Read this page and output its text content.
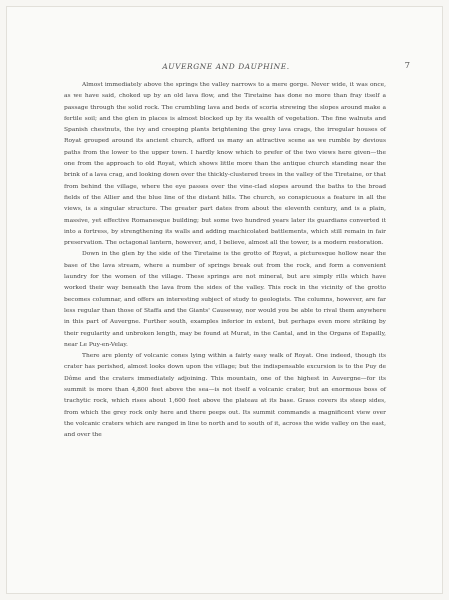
AUVERGNE AND DAUPHINE.	7

Almost immediately above the springs the valley narrows to a mere gorge. Never wide, it was once, as we have said, choked up by an old lava flow, and the Tiretaine has done no more than fray itself a passage through the solid rock. The crumbling lava and beds of scoria strewing the slopes around make a fertile soil; and the glen in places is almost blocked up by its wealth of vegetation. The fine walnuts and Spanish chestnuts, the ivy and creeping plants brightening the grey lava crags, the irregular houses of Royat grouped around its ancient church, afford us many an attractive scene as we rumble by devious paths from the lower to the upper town. I hardly know which to prefer of the two views here given—the one from the approach to old Royat, which shows little more than the antique church standing near the brink of a lava crag, and looking down over the thickly-clustered trees in the valley of the Tiretaine, or that from behind the village, where the eye passes over the vine-clad slopes around the baths to the broad fields of the Allier and the blue line of the distant hills. The church, so conspicuous a feature in all the views, is a singular structure. The greater part dates from about the eleventh century, and is a plain, massive, yet effective Romanesque building; but some two hundred years later its guardians converted it into a fortress, by strengthening its walls and adding machicolated battlements, which still remain in fair preservation. The octagonal lantern, however, and, I believe, almost all the tower, is a modern restoration.

Down in the glen by the side of the Tiretaine is the grotto of Royat, a picturesque hollow near the base of the lava stream, where a number of springs break out from the rock, and form a convenient laundry for the women of the village. These springs are not mineral, but are simply rills which have worked their way beneath the lava from the sides of the valley. This rock in the vicinity of the grotto becomes columnar, and offers an interesting subject of study to geologists. The columns, however, are far less regular than those of Staffa and the Giants' Causeway, nor would you be able to rival them anywhere in this part of Auvergne. Further south, examples inferior in extent, but perhaps even more striking by their regularity and unbroken length, may be found at Murat, in the Cantal, and in the Organs of Espailly, near Le Puy-en-Velay.

There are plenty of volcanic cones lying within a fairly easy walk of Royat. One indeed, though its crater has perished, almost looks down upon the village; but the indispensable excursion is to the Puy de Dôme and the craters immediately adjoining. This mountain, one of the highest in Auvergne—for its summit is more than 4,800 feet above the sea—is not itself a volcanic crater, but an enormous boss of trachytic rock, which rises about 1,600 feet above the plateau at its base. Grass covers its steep sides, from which the grey rock only here and there peeps out. Its summit commands a magnificent view over the volcanic craters which are ranged in line to north and to south of it, across the wide valley on the east, and over the
